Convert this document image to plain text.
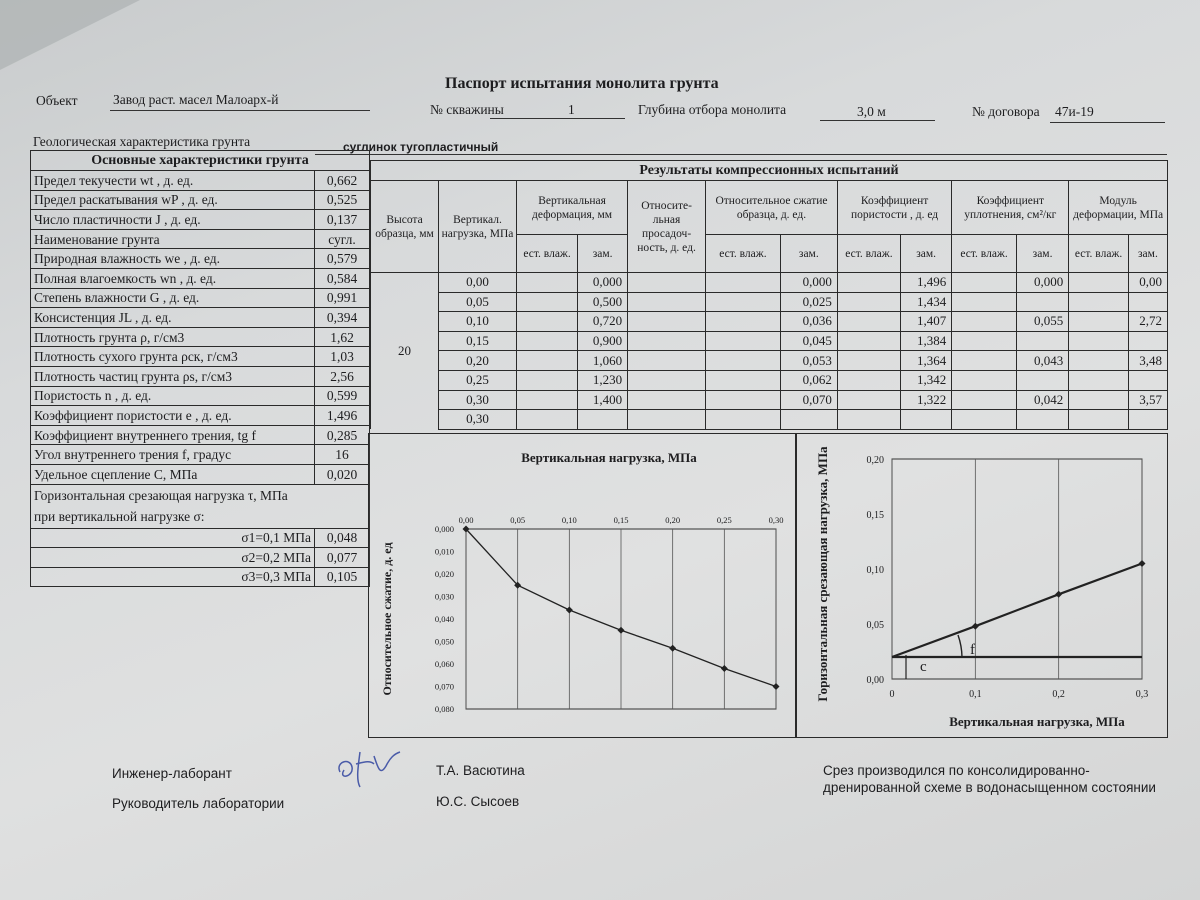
Паспорт испытания монолита грунта
Объект	Завод раст. масел Малоарх-й
№ скважины	1	Глубина отбора монолита	3,0 м	№ договора 47и-19
Геологическая характеристика грунта	суглинок тугопластичный
Основные характеристики грунта	
Предел текучести wt , д. ед.	0,662
Предел раскатывания wP , д. ед.	0,525
Число пластичности J , д. ед.	0,137
Наименование грунта	сугл.
Природная влажность we , д. ед.	0,579
Полная влагоемкость wn , д. ед.	0,584
Степень влажности G , д. ед.	0,991
Консистенция JL , д. ед.	0,394
Плотность грунта ρ, г/см3	1,62
Плотность сухого грунта ρск, г/см3	1,03
Плотность частиц грунта ρs, г/см3	2,56
Пористость n , д. ед.	0,599
Коэффициент пористости e , д. ед.	1,496
Коэффициент внутреннего трения, tg f	0,285
Угол внутреннего трения f, градус	16
Удельное сцепление C, МПа	0,020
Горизонтальная срезающая нагрузка τ, МПа	
при вертикальной нагрузке σ:	
σ1=0,1 МПа	0,048
σ2=0,2 МПа	0,077
σ3=0,3 МПа	0,105
Результаты компрессионных испытаний												
Высота образца, мм	Вертикал. нагрузка, МПа	Вертикальная деформация, мм		Относите-льная просадоч-ность, д. ед.	Относительное сжатие образца, д. ед.		Коэффициент пористости , д. ед		Коэффициент уплотнения, см²/кг		Модуль деформации, МПа	
		ест. влаж.	зам.		ест. влаж.	зам.	ест. влаж.	зам.	ест. влаж.	зам.	ест. влаж.	зам.
20	0,00		0,000			0,000		1,496		0,000		0,00
	0,05		0,500			0,025		1,434				
	0,10		0,720			0,036		1,407		0,055		2,72
	0,15		0,900			0,045		1,384				
	0,20		1,060			0,053		1,364		0,043		3,48
	0,25		1,230			0,062		1,342				
	0,30		1,400			0,070		1,322		0,042		3,57
	0,30											
Вертикальная нагрузка, МПа
Относительное сжатие, д. ед
0,00	0,05	0,10	0,15	0,20	0,25	0,30
0,000
0,010
0,020
0,030
0,040
0,050
0,060
0,070
0,080
Горизонтальная срезающая нагрузка, МПа
Вертикальная нагрузка, МПа
0	0,1	0,2	0,3
0,00
0,05
0,10
0,15
0,20
f
c
Инженер-лаборант	Т.А. Васютина
Руководитель лаборатории	Ю.С. Сысоев
Срез производился по консолидированно-
дренированной схеме в водонасыщенном состоянии
